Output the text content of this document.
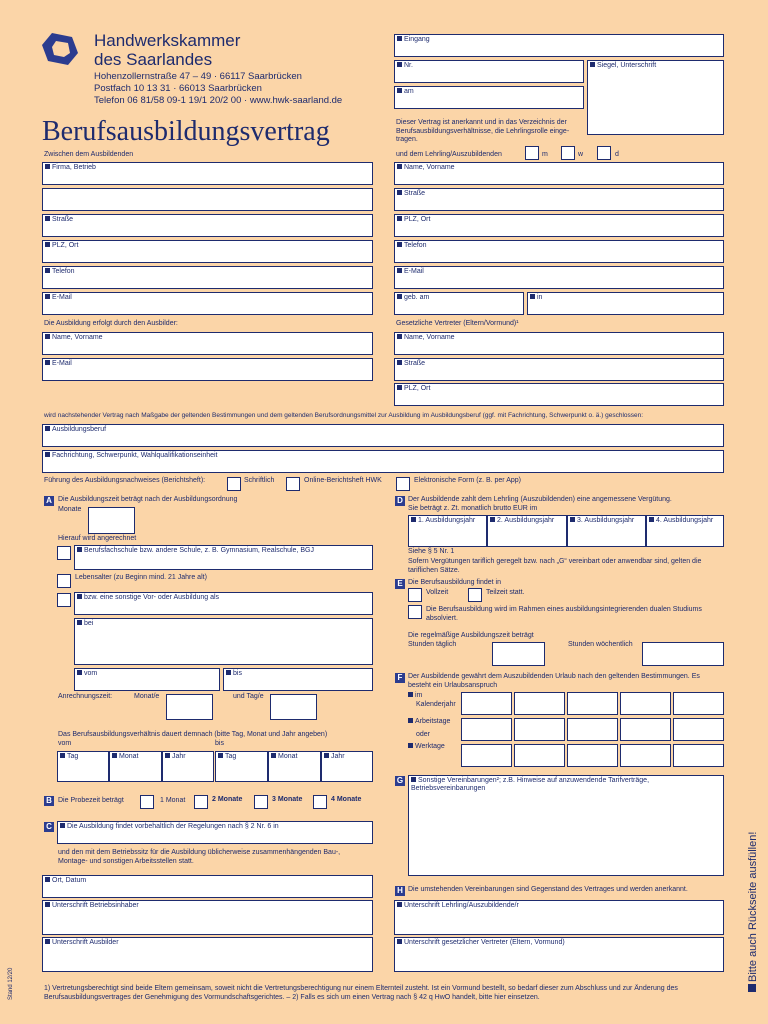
Handwerkskammer
des Saarlandes
Hohenzollernstraße 47 – 49 · 66117 Saarbrücken
Postfach 10 13 31 · 66013 Saarbrücken
Telefon 06 81/58 09-1 19/1 20/2 00 · www.hwk-saarland.de
Berufsausbildungsvertrag
Eingang
Nr.	Siegel, Unterschrift
am
Dieser Vertrag ist anerkannt und in das Verzeichnis der Berufsausbildungsverhältnisse, die Lehrlingsrolle einge- tragen.
Zwischen dem Ausbildenden
Firma, Betrieb
Straße
PLZ, Ort
Telefon
E-Mail
und dem Lehrling/Auszubildenden	m	w	d
Name, Vorname
Straße
PLZ, Ort
Telefon
E-Mail
geb. am	in
Die Ausbildung erfolgt durch den Ausbilder:
Name, Vorname
E-Mail
Gesetzliche Vertreter (Eltern/Vormund)¹
Name, Vorname
Straße
PLZ, Ort
wird nachstehender Vertrag nach Maßgabe der geltenden Bestimmungen und dem geltenden Berufsordnungsmittel zur Ausbildung im Ausbildungsberuf (ggf. mit Fachrichtung, Schwerpunkt o. ä.) geschlossen:
Ausbildungsberuf
Fachrichtung, Schwerpunkt, Wahlqualifikationseinheit
Führung des Ausbildungsnachweises (Berichtsheft):	Schriftlich	Online-Berichtsheft HWK	Elektronische Form (z. B. per App)
A Die Ausbildungszeit beträgt nach der Ausbildungsordnung
Monate
Hierauf wird angerechnet
Berufsfachschule bzw. andere Schule, z. B. Gymnasium, Realschule, BGJ
Lebensalter (zu Beginn mind. 21 Jahre alt)
bzw. eine sonstige Vor- oder Ausbildung als
bei
vom	bis
Anrechnungszeit:	Monat/e	und Tag/e
Das Berufsausbildungsverhältnis dauert demnach (bitte Tag, Monat und Jahr angeben)
vom	bis
Tag	Monat	Jahr	Tag	Monat	Jahr
B Die Probezeit beträgt	1 Monat	2 Monate	3 Monate	4 Monate
C	Die Ausbildung findet vorbehaltlich der Regelungen nach § 2 Nr. 6 in
und den mit dem Betriebssitz für die Ausbildung üblicherweise zusammenhängenden Bau-, Montage- und sonstigen Arbeitsstellen statt.
D Der Ausbildende zahlt dem Lehrling (Auszubildenden) eine angemessene Vergütung.
Sie beträgt z. Zt. monatlich brutto EUR im
1. Ausbildungsjahr	2. Ausbildungsjahr	3. Ausbildungsjahr	4. Ausbildungsjahr
Siehe § 5 Nr. 1
Sofern Vergütungen tariflich geregelt bzw. nach „G“ vereinbart oder anwendbar sind, gelten die tariflichen Sätze.
E Die Berufsausbildung findet in
Vollzeit	Teilzeit statt.
Die Berufsausbildung wird im Rahmen eines ausbildungsintegrierenden dualen Studiums absolviert.
Die regelmäßige Ausbildungszeit beträgt
Stunden täglich	Stunden wöchentlich
F Der Ausbildende gewährt dem Auszubildenden Urlaub nach den geltenden Bestimmungen. Es besteht ein Urlaubsanspruch
im
Kalenderjahr
Arbeitstage
oder
Werktage
G	Sonstige Vereinbarungen²; z.B. Hinweise auf anzuwendende Tarifverträge, Betriebsvereinbarungen
H Die umstehenden Vereinbarungen sind Gegenstand des Vertrages und werden anerkannt.
Ort, Datum
Unterschrift Betriebsinhaber
Unterschrift Ausbilder
Unterschrift Lehrling/Auszubildende/r
Unterschrift gesetzlicher Vertreter (Eltern, Vormund)
1) Vertretungsberechtigt sind beide Eltern gemeinsam, soweit nicht die Vertretungsberechtigung nur einem Elternteil zusteht. Ist ein Vormund bestellt, so bedarf dieser zum Abschluss und zur Änderung des Berufsausbildungsvertrages der Genehmigung des Vormundschaftsgerichtes. – 2) Falls es sich um einen Vertrag nach § 42 q HwO handelt, bitte hier einsetzen.
Stand 12/20
Bitte auch Rückseite ausfüllen!
